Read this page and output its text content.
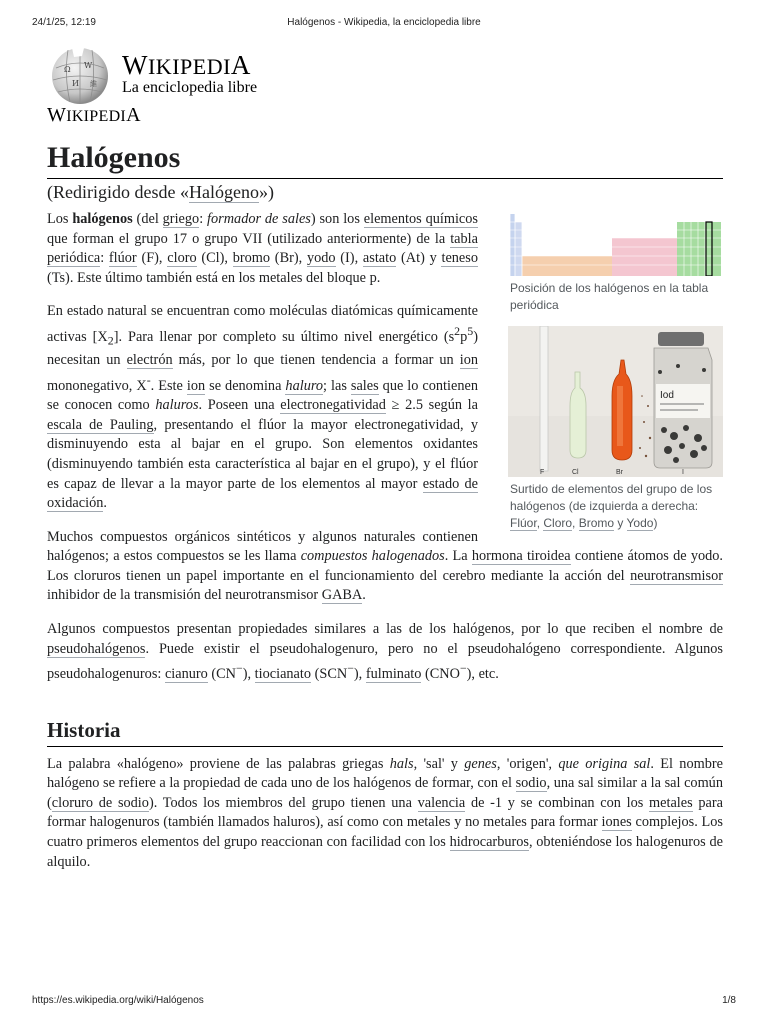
24/1/25, 12:19	Halógenos - Wikipedia, la enciclopedia libre
Ω W
И 維
WIKIPEDIA
La enciclopedia libre
WIKIPEDIA
Halógenos
(Redirigido desde «Halógeno»)
Posición de los halógenos en la tabla periódica
Iod
F	Cl	Br	I
Surtido de elementos del grupo de los halógenos (de izquierda a derecha: Flúor, Cloro, Bromo y Yodo)

Los halógenos (del griego: formador de sales) son los elementos químicos que forman el grupo 17 o grupo VII (utilizado anteriormente) de la tabla periódica: flúor (F), cloro (Cl), bromo (Br), yodo (I), astato (At) y teneso (Ts). Este último también está en los metales del bloque p.

En estado natural se encuentran como moléculas diatómicas químicamente activas $[X_2]$. Para llenar por completo su último nivel energético $(s^2p^5)$ necesitan un electrón más, por lo que tienen tendencia a formar un ion mononegativo, X-. Este ion se denomina haluro; las sales que lo contienen se conocen como haluros. Poseen una electronegatividad ≥ 2.5 según la escala de Pauling, presentando el flúor la mayor electronegatividad, y disminuyendo esta al bajar en el grupo. Son elementos oxidantes (disminuyendo también esta característica al bajar en el grupo), y el flúor es capaz de llevar a la mayor parte de los elementos al mayor estado de oxidación.

Muchos compuestos orgánicos sintéticos y algunos naturales contienen halógenos; a estos compuestos se les llama compuestos halogenados. La hormona tiroidea contiene átomos de yodo. Los cloruros tienen un papel importante en el funcionamiento del cerebro mediante la acción del neurotransmisor inhibidor de la transmisión del neurotransmisor GABA.

Algunos compuestos presentan propiedades similares a las de los halógenos, por lo que reciben el nombre de pseudohalógenos. Puede existir el pseudohalogenuro, pero no el pseudohalógeno correspondiente. Algunos pseudohalogenuros: cianuro (CN−), tiocianato (SCN−), fulminato (CNO−), etc.

Historia

La palabra «halógeno» proviene de las palabras griegas hals, 'sal' y genes, 'origen', que origina sal. El nombre halógeno se refiere a la propiedad de cada uno de los halógenos de formar, con el sodio, una sal similar a la sal común (cloruro de sodio). Todos los miembros del grupo tienen una valencia de -1 y se combinan con los metales para formar halogenuros (también llamados haluros), así como con metales y no metales para formar iones complejos. Los cuatro primeros elementos del grupo reaccionan con facilidad con los hidrocarburos, obteniéndose los halogenuros de alquilo.

https://es.wikipedia.org/wiki/Halógenos	1/8
